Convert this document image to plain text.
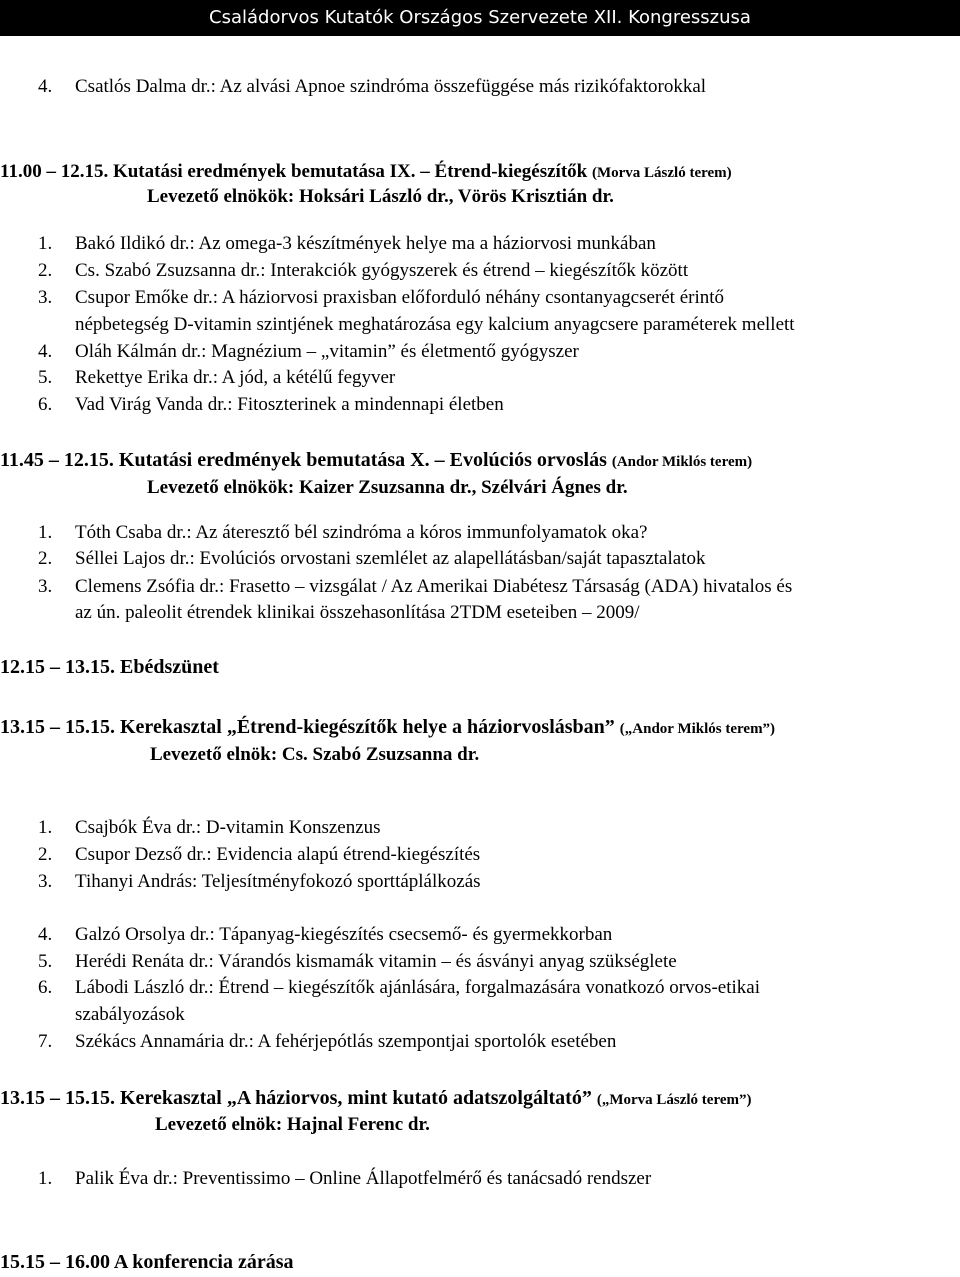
Családorvos Kutatók Országos Szervezete XII. Kongresszusa
4. Csatlós Dalma dr.: Az alvási Apnoe szindróma összefüggése más rizikófaktorokkal
11.00 – 12.15. Kutatási eredmények bemutatása IX. – Étrend-kiegészítők (Morva László terem)
Levezető elnökök: Hoksári László dr., Vörös Krisztián dr.
1. Bakó Ildikó dr.: Az omega-3 készítmények helye ma a háziorvosi munkában
2. Cs. Szabó Zsuzsanna dr.: Interakciók gyógyszerek és étrend – kiegészítők között
3. Csupor Emőke dr.: A háziorvosi praxisban előforduló néhány csontanyagcserét érintő
népbetegség D-vitamin szintjének meghatározása egy kalcium anyagcsere paraméterek mellett
4. Oláh Kálmán dr.: Magnézium – „vitamin” és életmentő gyógyszer
5. Rekettye Erika dr.: A jód, a kétélű fegyver
6. Vad Virág Vanda dr.: Fitoszterinek a mindennapi életben
11.45 – 12.15. Kutatási eredmények bemutatása X. – Evolúciós orvoslás (Andor Miklós terem)
Levezető elnökök: Kaizer Zsuzsanna dr., Szélvári Ágnes dr.
1. Tóth Csaba dr.: Az áteresztő bél szindróma a kóros immunfolyamatok oka?
2. Séllei Lajos dr.: Evolúciós orvostani szemlélet az alapellátásban/saját tapasztalatok
3. Clemens Zsófia dr.: Frasetto – vizsgálat / Az Amerikai Diabétesz Társaság (ADA) hivatalos és
az ún. paleolit étrendek klinikai összehasonlítása 2TDM eseteiben – 2009/
12.15 – 13.15. Ebédszünet
13.15 – 15.15. Kerekasztal „Étrend-kiegészítők helye a háziorvoslásban” („Andor Miklós terem”)
Levezető elnök: Cs. Szabó Zsuzsanna dr.
1. Csajbók Éva dr.: D-vitamin Konszenzus
2. Csupor Dezső dr.: Evidencia alapú étrend-kiegészítés
3. Tihanyi András: Teljesítményfokozó sporttáplálkozás
4. Galzó Orsolya dr.: Tápanyag-kiegészítés csecsemő- és gyermekkorban
5. Herédi Renáta dr.: Várandós kismamák vitamin – és ásványi anyag szükséglete
6. Lábodi László dr.: Étrend – kiegészítők ajánlására, forgalmazására vonatkozó orvos-etikai
szabályozások
7. Székács Annamária dr.: A fehérjepótlás szempontjai sportolók esetében
13.15 – 15.15. Kerekasztal „A háziorvos, mint kutató adatszolgáltató” („Morva László terem”)
Levezető elnök: Hajnal Ferenc dr.
1. Palik Éva dr.: Preventissimo – Online Állapotfelmérő és tanácsadó rendszer
15.15 – 16.00 A konferencia zárása
